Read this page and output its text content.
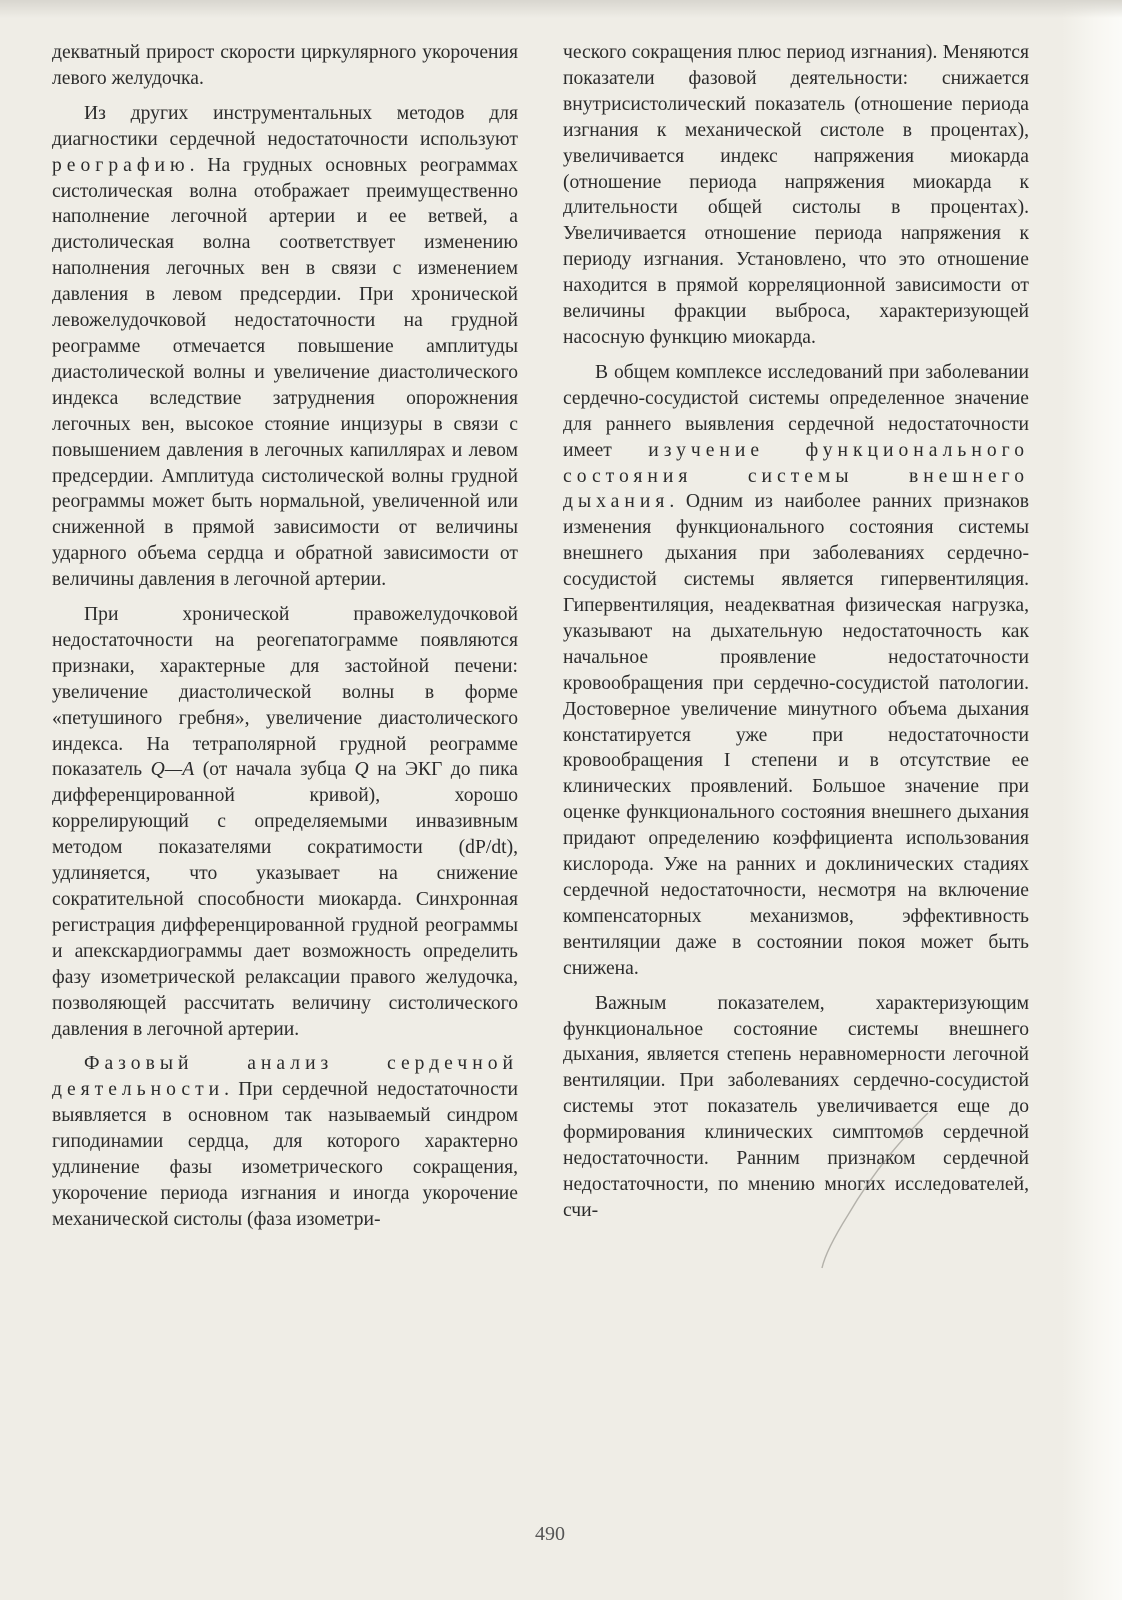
декватный прирост скорости циркулярного укорочения левого желудочка.

Из других инструментальных методов для диагностики сердечной недостаточности используют реографию. На грудных основных реограммах систолическая волна отображает преимущественно наполнение легочной артерии и ее ветвей, а дистолическая волна соответствует изменению наполнения легочных вен в связи с изменением давления в левом предсердии. При хронической левожелудочковой недостаточности на грудной реограмме отмечается повышение амплитуды диастолической волны и увеличение диастолического индекса вследствие затруднения опорожнения легочных вен, высокое стояние инцизуры в связи с повышением давления в легочных капиллярах и левом предсердии. Амплитуда систолической волны грудной реограммы может быть нормальной, увеличенной или сниженной в прямой зависимости от величины ударного объема сердца и обратной зависимости от величины давления в легочной артерии.

При хронической правожелудочковой недостаточности на реогепатограмме появляются признаки, характерные для застойной печени: увеличение диастолической волны в форме «петушиного гребня», увеличение диастолического индекса. На тетраполярной грудной реограмме показатель Q—A (от начала зубца Q на ЭКГ до пика дифференцированной кривой), хорошо коррелирующий с определяемыми инвазивным методом показателями сократимости (dP/dt), удлиняется, что указывает на снижение сократительной способности миокарда. Синхронная регистрация дифференцированной грудной реограммы и апекскардиограммы дает возможность определить фазу изометрической релаксации правого желудочка, позволяющей рассчитать величину систолического давления в легочной артерии.

Фазовый анализ сердечной деятельности. При сердечной недостаточности выявляется в основном так называемый синдром гиподинамии сердца, для которого характерно удлинение фазы изометрического сокращения, укорочение периода изгнания и иногда укорочение механической систолы (фаза изометри-

ческого сокращения плюс период изгнания). Меняются показатели фазовой деятельности: снижается внутрисистолический показатель (отношение периода изгнания к механической систоле в процентах), увеличивается индекс напряжения миокарда (отношение периода напряжения миокарда к длительности общей систолы в процентах). Увеличивается отношение периода напряжения к периоду изгнания. Установлено, что это отношение находится в прямой корреляционной зависимости от величины фракции выброса, характеризующей насосную функцию миокарда.

В общем комплексе исследований при заболевании сердечно-сосудистой системы определенное значение для раннего выявления сердечной недостаточности имеет изучение функционального состояния системы внешнего дыхания. Одним из наиболее ранних признаков изменения функционального состояния системы внешнего дыхания при заболеваниях сердечно-сосудистой системы является гипервентиляция. Гипервентиляция, неадекватная физическая нагрузка, указывают на дыхательную недостаточность как начальное проявление недостаточности кровообращения при сердечно-сосудистой патологии. Достоверное увеличение минутного объема дыхания констатируется уже при недостаточности кровообращения I степени и в отсутствие ее клинических проявлений. Большое значение при оценке функционального состояния внешнего дыхания придают определению коэффициента использования кислорода. Уже на ранних и доклинических стадиях сердечной недостаточности, несмотря на включение компенсаторных механизмов, эффективность вентиляции даже в состоянии покоя может быть снижена.

Важным показателем, характеризующим функциональное состояние системы внешнего дыхания, является степень неравномерности легочной вентиляции. При заболеваниях сердечно-сосудистой системы этот показатель увеличивается еще до формирования клинических симптомов сердечной недостаточности. Ранним признаком сердечной недостаточности, по мнению многих исследователей, счи-

490
